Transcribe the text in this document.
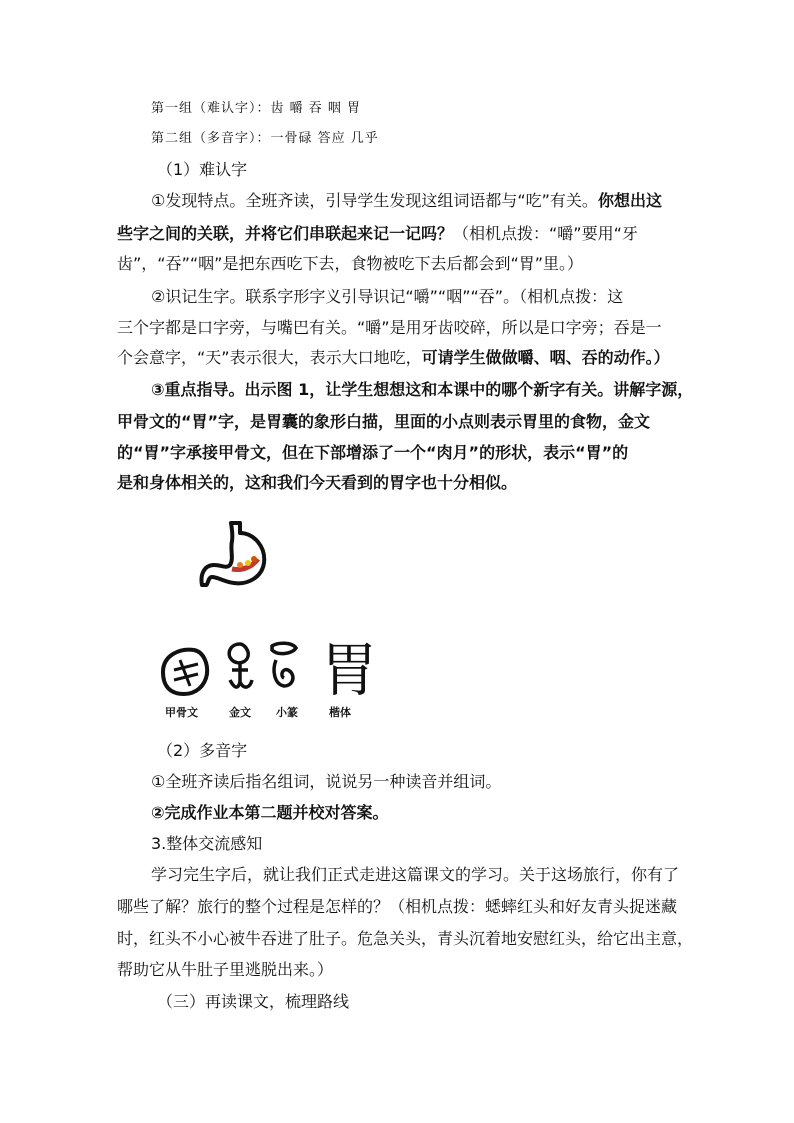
第一组（难认字）：齿 嚼 吞 咽 胃
第二组（多音字）：一骨碌 答应 几乎
（1）难认字
①发现特点。全班齐读，引导学生发现这组词语都与“吃”有关。你想出这
些字之间的关联，并将它们串联起来记一记吗？（相机点拨：“嚼”要用“牙
齿”，“吞”“咽”是把东西吃下去，食物被吃下去后都会到“胃”里。）
②识记生字。联系字形字义引导识记“嚼”“咽”“吞”。（相机点拨：这
三个字都是口字旁，与嘴巴有关。“嚼”是用牙齿咬碎，所以是口字旁；吞是一
个会意字，“天”表示很大，表示大口地吃，可请学生做做嚼、咽、吞的动作。）
③重点指导。出示图 1，让学生想想这和本课中的哪个新字有关。讲解字源，
甲骨文的“胃”字，是胃囊的象形白描，里面的小点则表示胃里的食物，金文
的“胃”字承接甲骨文，但在下部增添了一个“肉月”的形状，表示“胃”的
是和身体相关的，这和我们今天看到的胃字也十分相似。
胃
甲骨文	金文 小篆	楷体
（2）多音字
①全班齐读后指名组词，说说另一种读音并组词。
②完成作业本第二题并校对答案。
3.整体交流感知
学习完生字后，就让我们正式走进这篇课文的学习。关于这场旅行，你有了
哪些了解？旅行的整个过程是怎样的？（相机点拨：蟋蟀红头和好友青头捉迷藏
时，红头不小心被牛吞进了肚子。危急关头，青头沉着地安慰红头，给它出主意，
帮助它从牛肚子里逃脱出来。）
（三）再读课文，梳理路线
